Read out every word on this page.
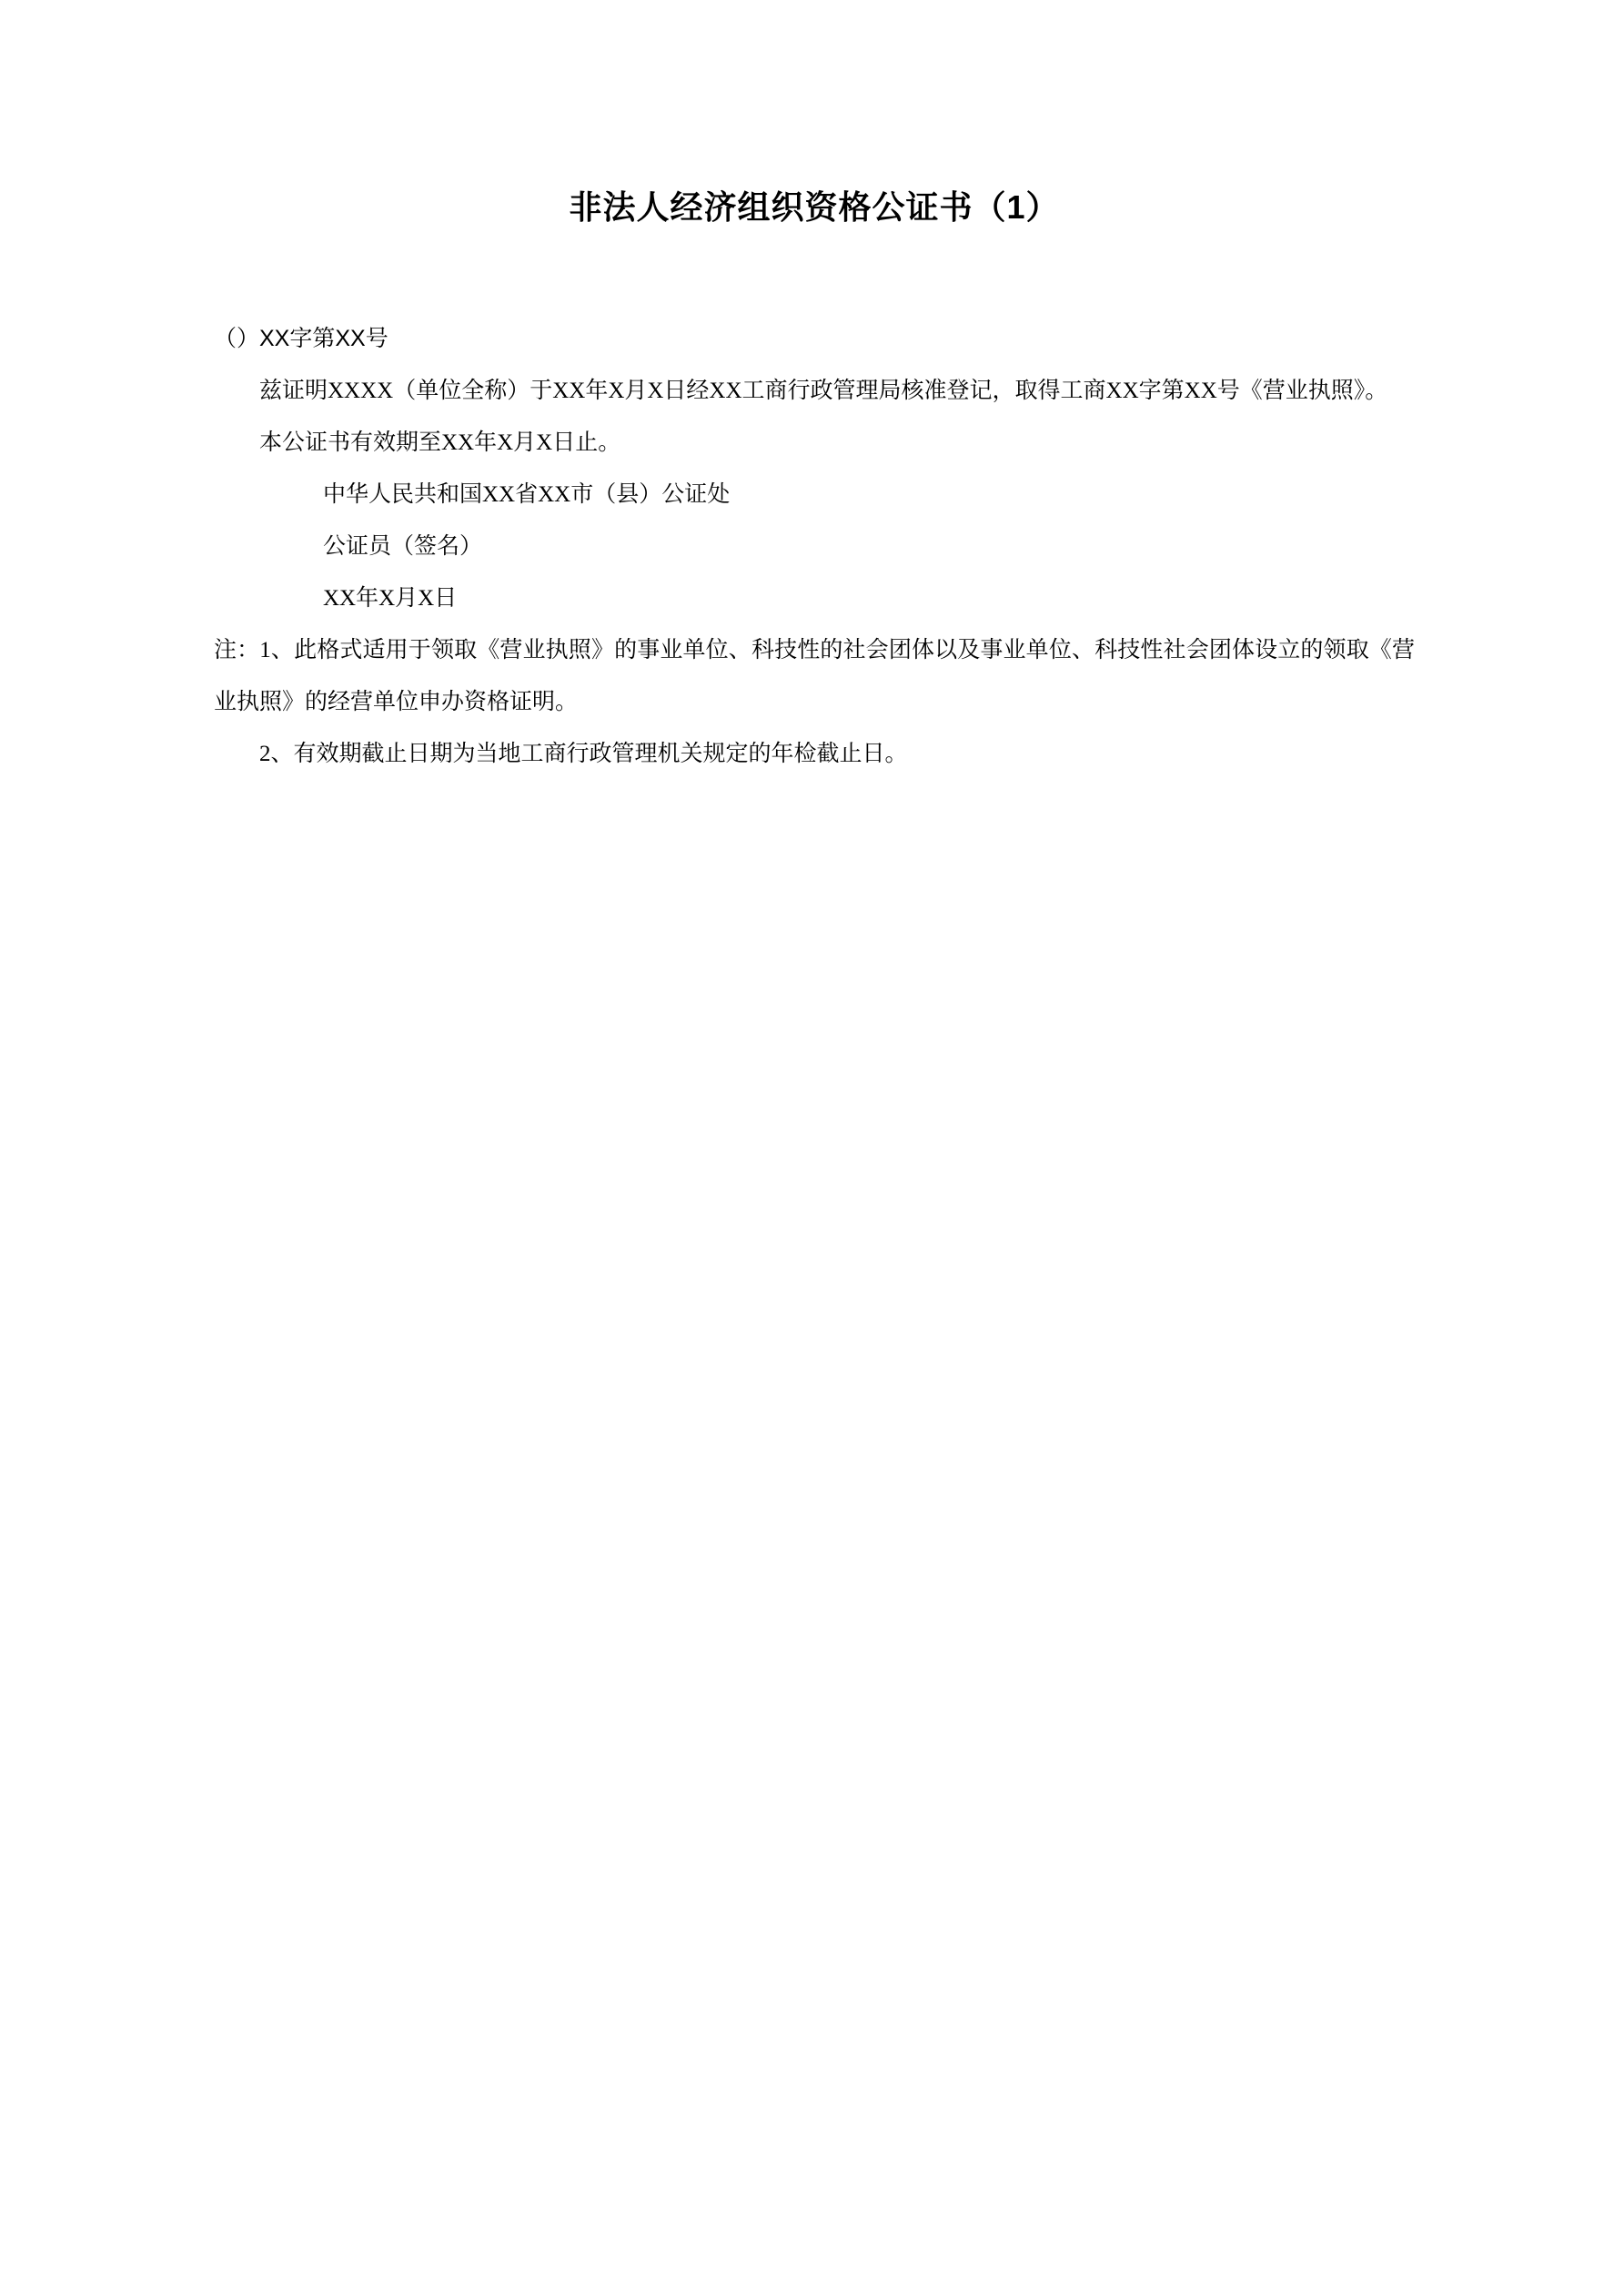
非法人经济组织资格公证书（1）

（）XX字第XX号

兹证明XXXX（单位全称）于XX年X月X日经XX工商行政管理局核准登记，取得工商XX字第XX号《营业执照》。

本公证书有效期至XX年X月X日止。

中华人民共和国XX省XX市（县）公证处

公证员（签名）

XX年X月X日

注：1、此格式适用于领取《营业执照》的事业单位、科技性的社会团体以及事业单位、科技性社会团体设立的领取《营业执照》的经营单位申办资格证明。

2、有效期截止日期为当地工商行政管理机关规定的年检截止日。
